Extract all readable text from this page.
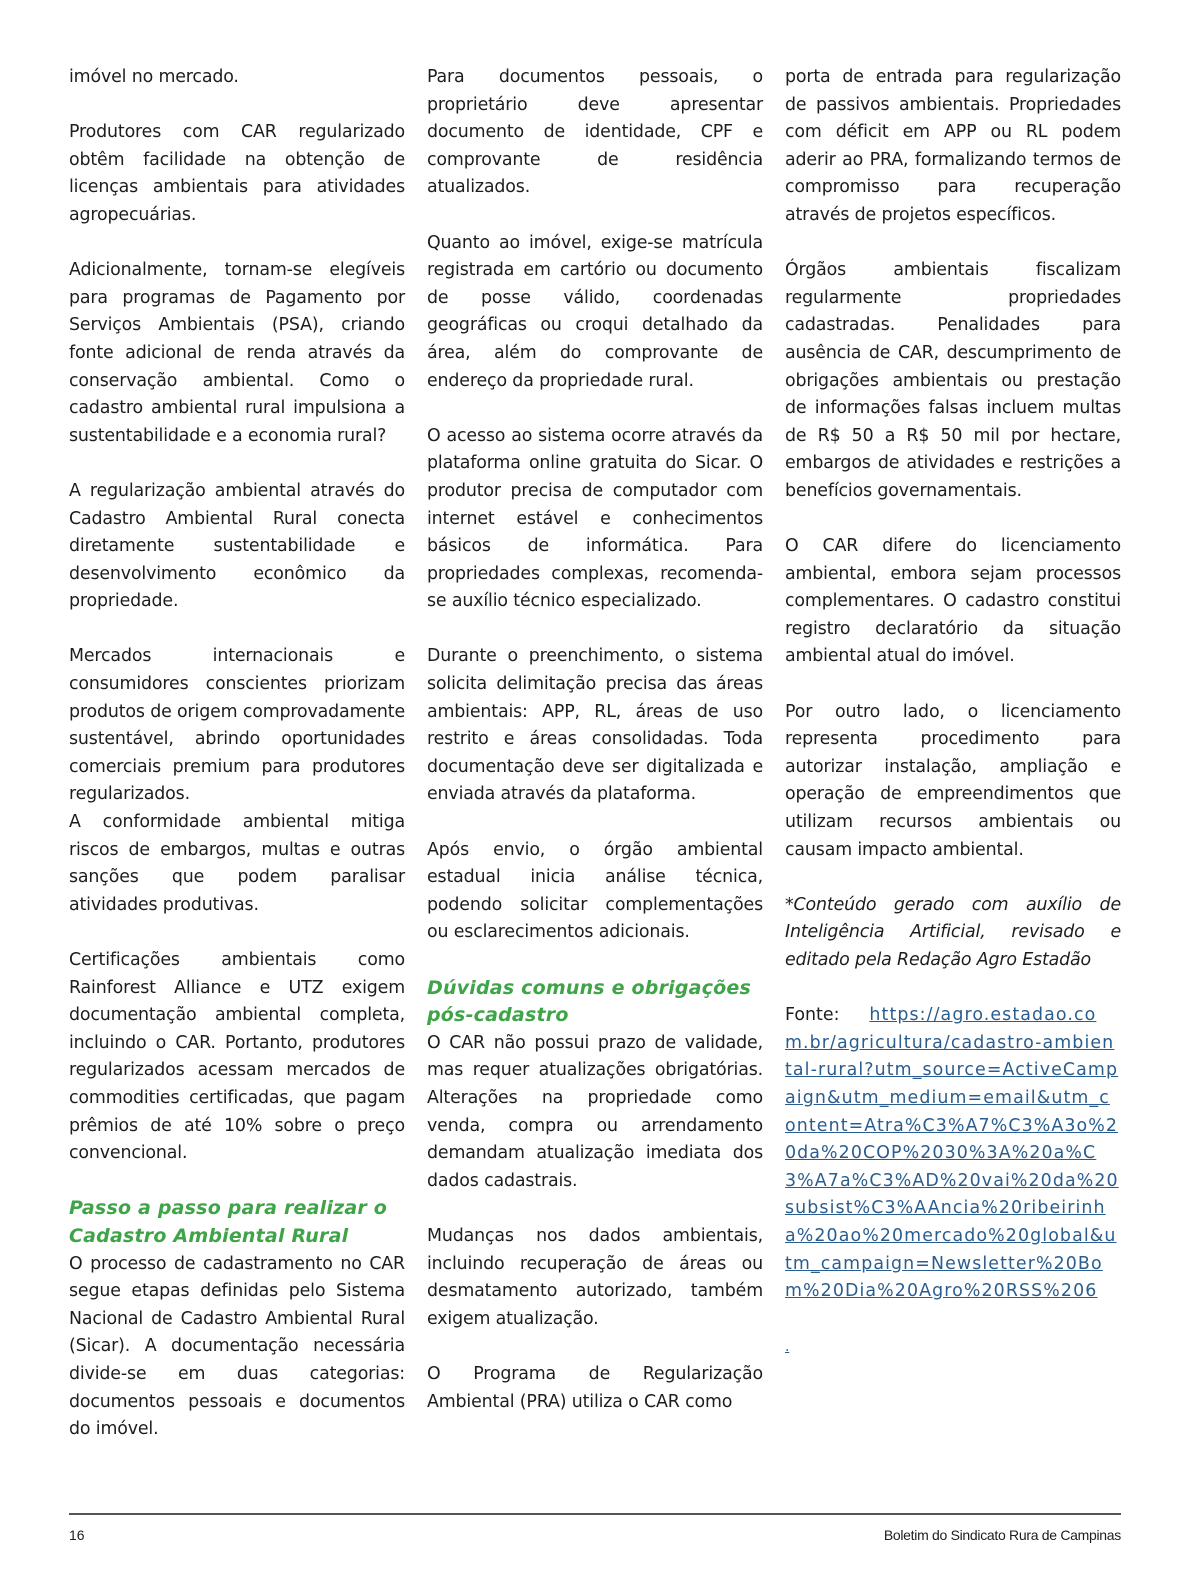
imóvel no mercado.

Produtores com CAR regularizado obtêm facilidade na obtenção de licenças ambientais para atividades agropecuárias.

Adicionalmente, tornam-se elegíveis para programas de Pagamento por Serviços Ambientais (PSA), criando fonte adicional de renda através da conservação ambiental. Como o cadastro ambiental rural impulsiona a sustentabilidade e a economia rural?

A regularização ambiental através do Cadastro Ambiental Rural conecta diretamente sustentabilidade e desenvolvimento econômico da propriedade.

Mercados internacionais e consumidores conscientes priorizam produtos de origem comprovadamente sustentável, abrindo oportunidades comerciais premium para produtores regularizados.

A conformidade ambiental mitiga riscos de embargos, multas e outras sanções que podem paralisar atividades produtivas.

Certificações ambientais como Rainforest Alliance e UTZ exigem documentação ambiental completa, incluindo o CAR. Portanto, produtores regularizados acessam mercados de commodities certificadas, que pagam prêmios de até 10% sobre o preço convencional.

Passo a passo para realizar o Cadastro Ambiental Rural

O processo de cadastramento no CAR segue etapas definidas pelo Sistema Nacional de Cadastro Ambiental Rural (Sicar). A documentação necessária divide-se em duas categorias: documentos pessoais e documentos do imóvel.

Para documentos pessoais, o proprietário deve apresentar documento de identidade, CPF e comprovante de residência atualizados.

Quanto ao imóvel, exige-se matrícula registrada em cartório ou documento de posse válido, coordenadas geográficas ou croqui detalhado da área, além do comprovante de endereço da propriedade rural.

O acesso ao sistema ocorre através da plataforma online gratuita do Sicar. O produtor precisa de computador com internet estável e conhecimentos básicos de informática. Para propriedades complexas, recomenda-se auxílio técnico especializado.

Durante o preenchimento, o sistema solicita delimitação precisa das áreas ambientais: APP, RL, áreas de uso restrito e áreas consolidadas. Toda documentação deve ser digitalizada e enviada através da plataforma.

Após envio, o órgão ambiental estadual inicia análise técnica, podendo solicitar complementações ou esclarecimentos adicionais.

Dúvidas comuns e obrigações pós-cadastro

O CAR não possui prazo de validade, mas requer atualizações obrigatórias. Alterações na propriedade como venda, compra ou arrendamento demandam atualização imediata dos dados cadastrais.

Mudanças nos dados ambientais, incluindo recuperação de áreas ou desmatamento autorizado, também exigem atualização.

O Programa de Regularização Ambiental (PRA) utiliza o CAR como

porta de entrada para regularização de passivos ambientais. Propriedades com déficit em APP ou RL podem aderir ao PRA, formalizando termos de compromisso para recuperação através de projetos específicos.

Órgãos ambientais fiscalizam regularmente propriedades cadastradas. Penalidades para ausência de CAR, descumprimento de obrigações ambientais ou prestação de informações falsas incluem multas de R$ 50 a R$ 50 mil por hectare, embargos de atividades e restrições a benefícios governamentais.

O CAR difere do licenciamento ambiental, embora sejam processos complementares. O cadastro constitui registro declaratório da situação ambiental atual do imóvel.

Por outro lado, o licenciamento representa procedimento para autorizar instalação, ampliação e operação de empreendimentos que utilizam recursos ambientais ou causam impacto ambiental.

*Conteúdo gerado com auxílio de Inteligência Artificial, revisado e editado pela Redação Agro Estadão

Fonte: https://agro.estadao.com.br/agricultura/cadastro-ambiental-rural?utm_source=ActiveCampaign&utm_medium=email&utm_content=Atra%C3%A7%C3%A3o%20da%20COP%2030%3A%20a%C3%A7a%C3%AD%20vai%20da%20subsist%C3%AAncia%20ribeirinha%20ao%20mercado%20global&utm_campaign=Newsletter%20Bom%20Dia%20Agro%20RSS%206

.

16	Boletim do Sindicato Rura de Campinas
